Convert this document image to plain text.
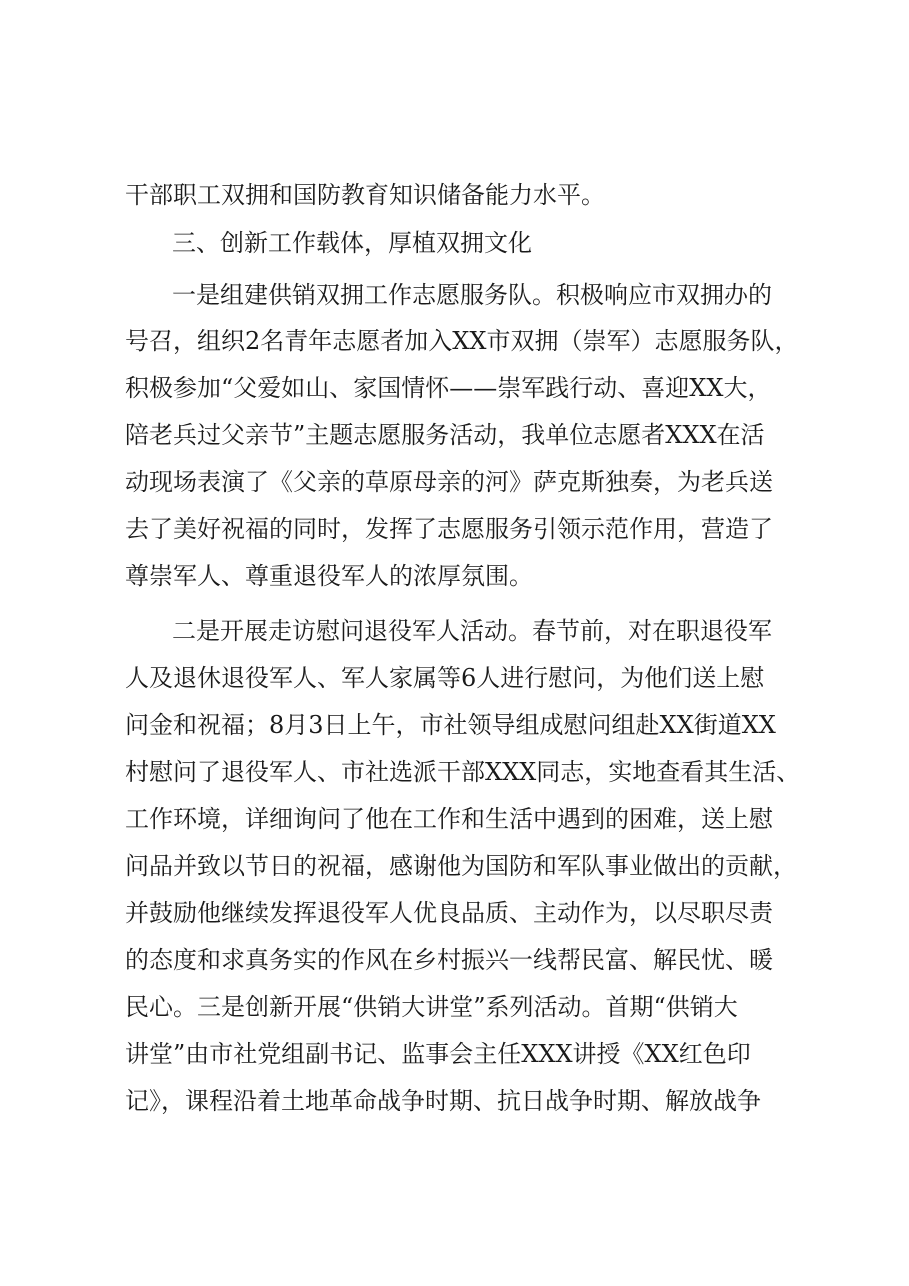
干部职工双拥和国防教育知识储备能力水平。

三、创新工作载体，厚植双拥文化

一是组建供销双拥工作志愿服务队。积极响应市双拥办的

号召，组织2名青年志愿者加入XX市双拥（崇军）志愿服务队，

积极参加“父爱如山、家国情怀——崇军践行动、喜迎XX大，

陪老兵过父亲节”主题志愿服务活动，我单位志愿者XXX在活

动现场表演了《父亲的草原母亲的河》萨克斯独奏，为老兵送

去了美好祝福的同时，发挥了志愿服务引领示范作用，营造了

尊崇军人、尊重退役军人的浓厚氛围。

二是开展走访慰问退役军人活动。春节前，对在职退役军

人及退休退役军人、军人家属等6人进行慰问，为他们送上慰

问金和祝福；8月3日上午，市社领导组成慰问组赴XX街道XX

村慰问了退役军人、市社选派干部XXX同志，实地查看其生活、

工作环境，详细询问了他在工作和生活中遇到的困难，送上慰

问品并致以节日的祝福，感谢他为国防和军队事业做出的贡献，

并鼓励他继续发挥退役军人优良品质、主动作为，以尽职尽责

的态度和求真务实的作风在乡村振兴一线帮民富、解民忧、暖

民心。三是创新开展“供销大讲堂”系列活动。首期“供销大

讲堂”由市社党组副书记、监事会主任XXX讲授《XX红色印

记》，课程沿着土地革命战争时期、抗日战争时期、解放战争
